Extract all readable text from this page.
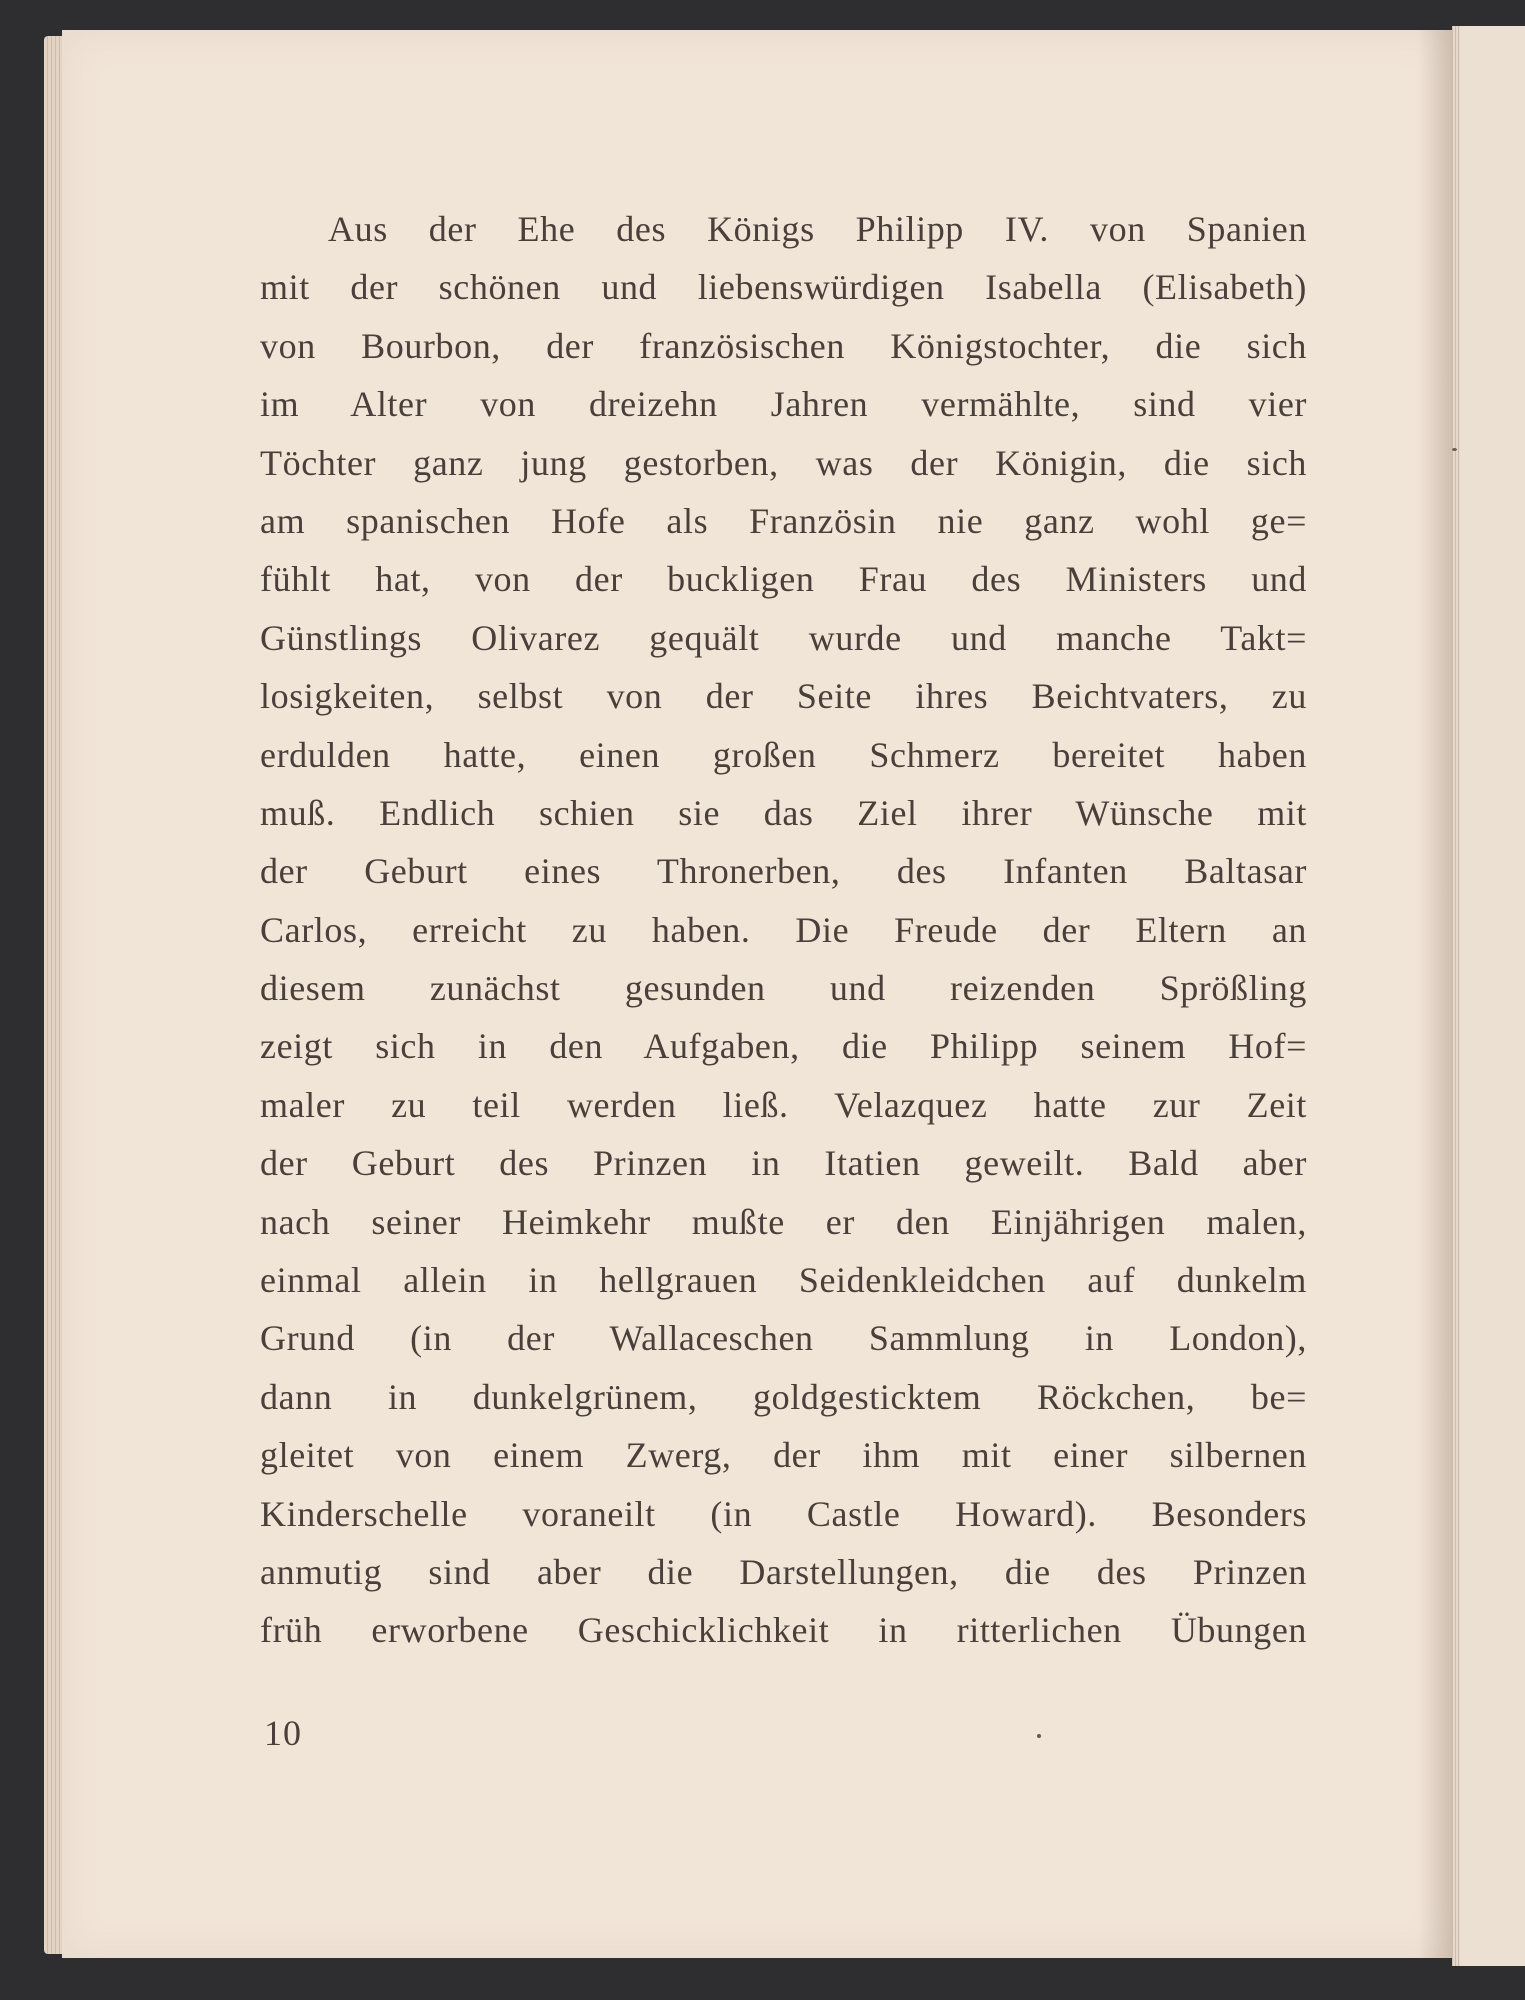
Aus der Ehe des Königs Philipp IV. von Spanien
mit der schönen und liebenswürdigen Isabella (Elisabeth)
von Bourbon, der französischen Königstochter, die sich
im Alter von dreizehn Jahren vermählte, sind vier
Töchter ganz jung gestorben, was der Königin, die sich
am spanischen Hofe als Französin nie ganz wohl ge=
fühlt hat, von der buckligen Frau des Ministers und
Günstlings Olivarez gequält wurde und manche Takt=
losigkeiten, selbst von der Seite ihres Beichtvaters, zu
erdulden hatte, einen großen Schmerz bereitet haben
muß. Endlich schien sie das Ziel ihrer Wünsche mit
der Geburt eines Thronerben, des Infanten Baltasar
Carlos, erreicht zu haben. Die Freude der Eltern an
diesem zunächst gesunden und reizenden Sprößling
zeigt sich in den Aufgaben, die Philipp seinem Hof=
maler zu teil werden ließ. Velazquez hatte zur Zeit
der Geburt des Prinzen in Itatien geweilt. Bald aber
nach seiner Heimkehr mußte er den Einjährigen malen,
einmal allein in hellgrauen Seidenkleidchen auf dunkelm
Grund (in der Wallaceschen Sammlung in London),
dann in dunkelgrünem, goldgesticktem Röckchen, be=
gleitet von einem Zwerg, der ihm mit einer silbernen
Kinderschelle voraneilt (in Castle Howard). Besonders
anmutig sind aber die Darstellungen, die des Prinzen
früh erworbene Geschicklichkeit in ritterlichen Übungen
10
